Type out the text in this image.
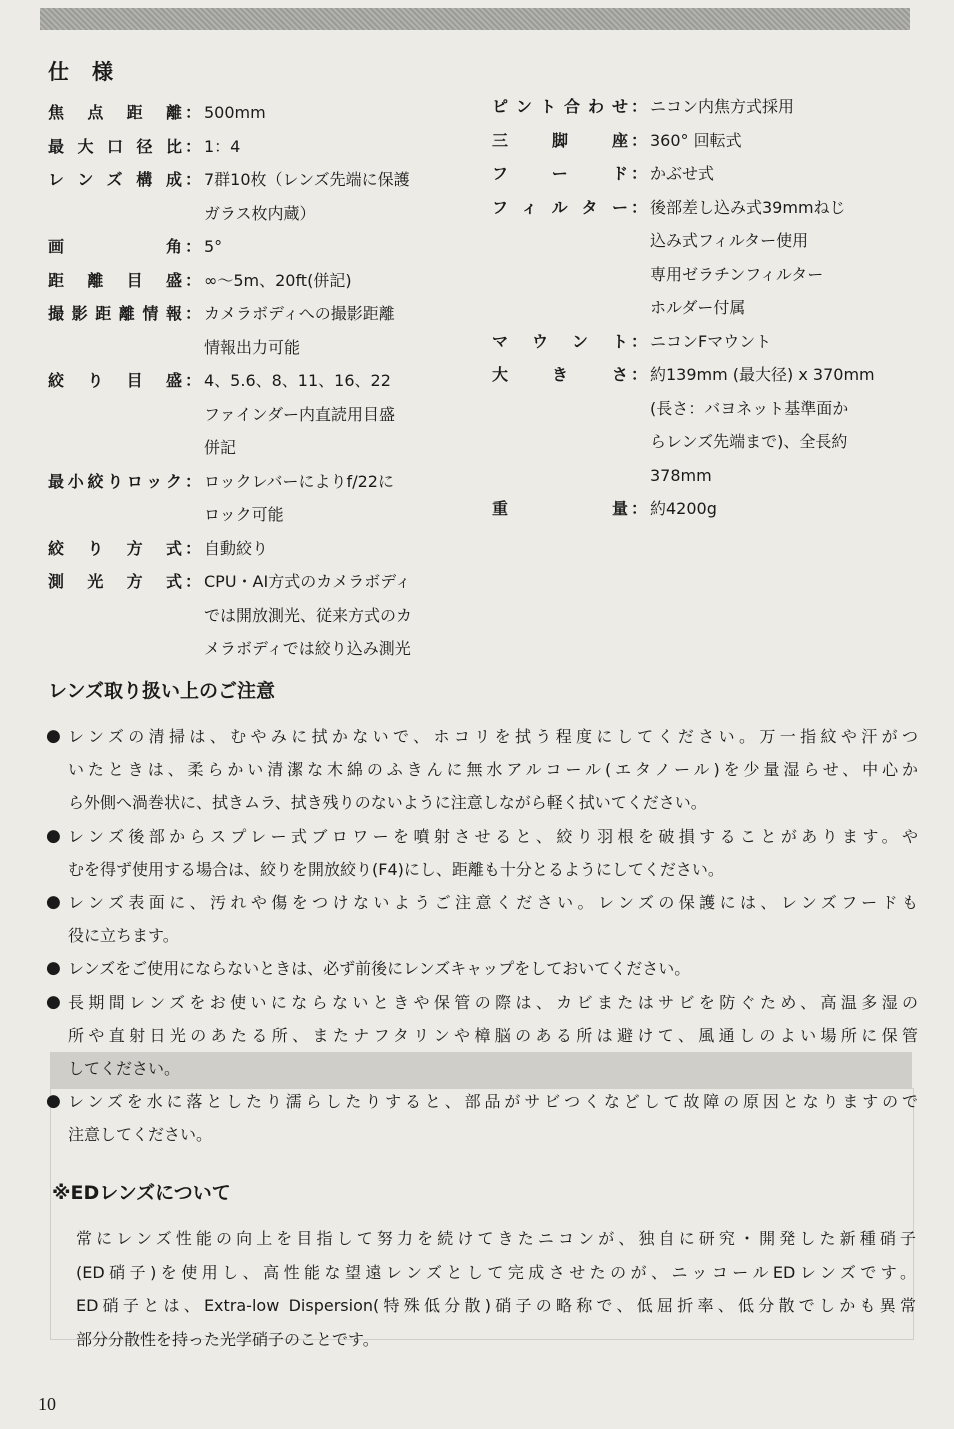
仕　様
焦点距離 ： 500mm
最大口径比 ： 1：4
レンズ構成 ： 7群10枚（レンズ先端に保護
ガラス枚内蔵）
画角 ： 5°
距離目盛 ： ∞〜5m、20ft(併記)
撮影距離情報 ： カメラボディへの撮影距離
情報出力可能
絞り目盛 ： 4、5.6、8、11、16、22
ファインダー内直読用目盛
併記
最小絞りロック ： ロックレバーによりf/22に
ロック可能
絞り方式 ： 自動絞り
測光方式 ： CPU・AI方式のカメラボディ
では開放測光、従来方式のカ
メラボディでは絞り込み測光
ピント合わせ ： ニコン内焦方式採用
三脚座 ： 360° 回転式
フード ： かぶせ式
フィルター ： 後部差し込み式39mmねじ
込み式フィルター使用
専用ゼラチンフィルター
ホルダー付属
マウント ： ニコンFマウント
大きさ ： 約139mm (最大径) x 370mm
(長さ：バヨネット基準面か
らレンズ先端まで)、全長約
378mm
重量 ： 約4200g
レンズ取り扱い上のご注意
● レンズの清掃は、むやみに拭かないで、ホコリを拭う程度にしてください。万一指紋や汗がつ
いたときは、柔らかい清潔な木綿のふきんに無水アルコール(エタノール)を少量湿らせ、中心か
ら外側へ渦巻状に、拭きムラ、拭き残りのないように注意しながら軽く拭いてください。
● レンズ後部からスプレー式ブロワーを噴射させると、絞り羽根を破損することがあります。や
むを得ず使用する場合は、絞りを開放絞り(F4)にし、距離も十分とるようにしてください。
● レンズ表面に、汚れや傷をつけないようご注意ください。レンズの保護には、レンズフードも
役に立ちます。
● レンズをご使用にならないときは、必ず前後にレンズキャップをしておいてください。
● 長期間レンズをお使いにならないときや保管の際は、カビまたはサビを防ぐため、高温多湿の
所や直射日光のあたる所、またナフタリンや樟脳のある所は避けて、風通しのよい場所に保管
してください。
● レンズを水に落としたり濡らしたりすると、部品がサビつくなどして故障の原因となりますので
注意してください。
※EDレンズについて
常にレンズ性能の向上を目指して努力を続けてきたニコンが、独自に研究・開発した新種硝子
(ED硝子)を使用し、高性能な望遠レンズとして完成させたのが、ニッコールEDレンズです。
ED硝子とは、Extra-low Dispersion(特殊低分散)硝子の略称で、低屈折率、低分散でしかも異常
部分分散性を持った光学硝子のことです。
10
